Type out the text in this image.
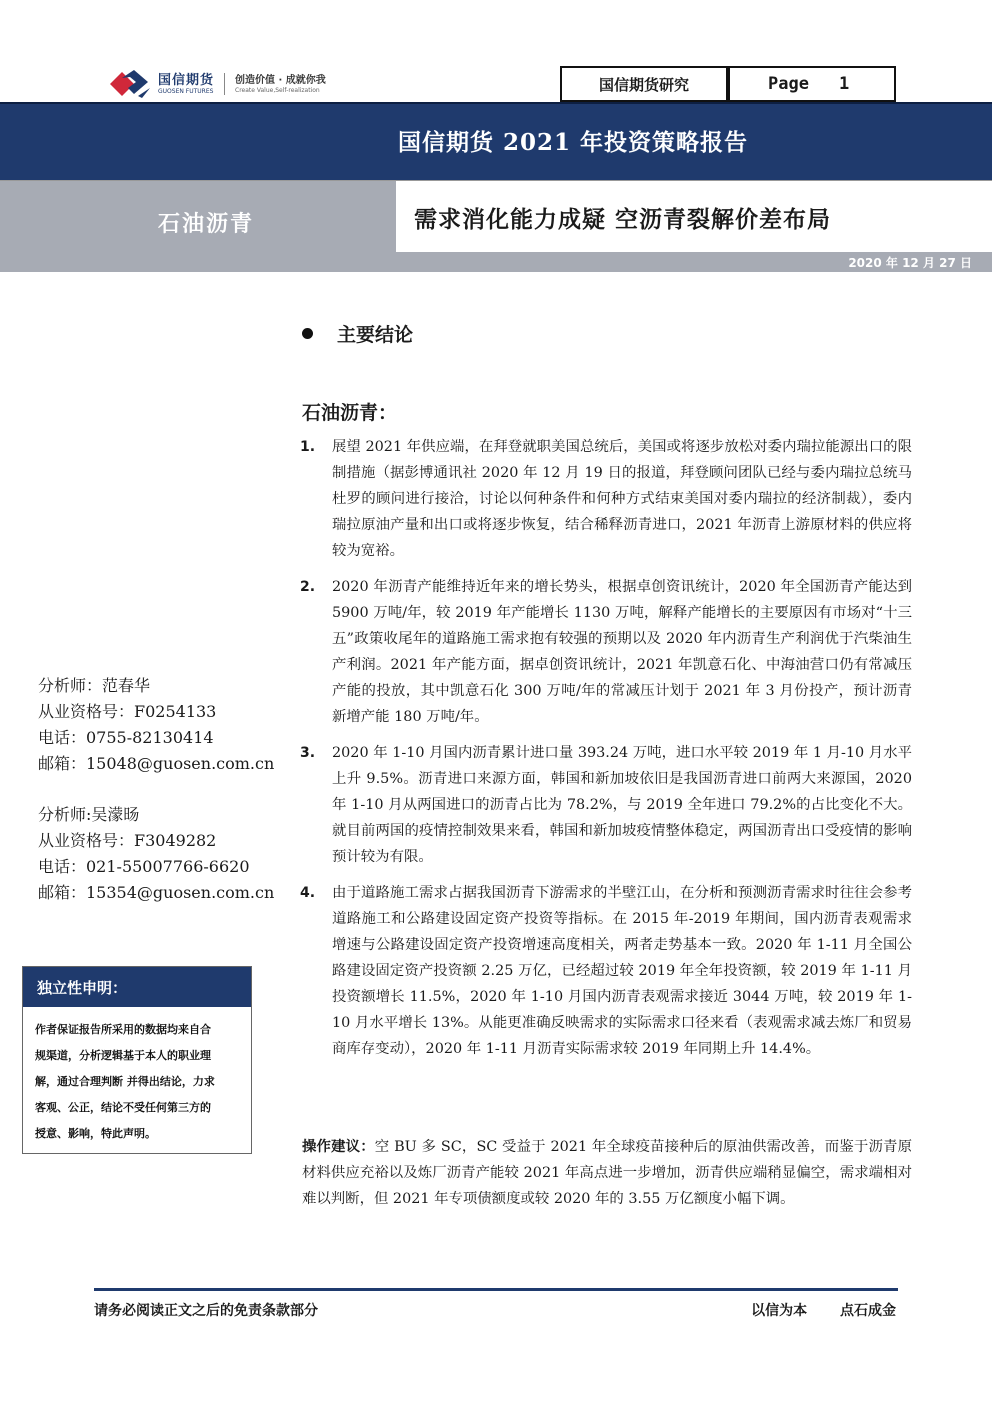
国信期货
GUOSEN FUTURES
创造价值 · 成就你我
Create Value,Self-realization	国信期货研究	Page 1
国信期货 2021 年投资策略报告
石油沥青	需求消化能力成疑 空沥青裂解价差布局
2020 年 12 月 27 日
分析师：范春华
从业资格号：F0254133
电话：0755-82130414
邮箱：15048@guosen.com.cn
分析师:吴濛旸
从业资格号：F3049282
电话：021-55007766-6620
邮箱：15354@guosen.com.cn
独立性申明：
作者保证报告所采用的数据均来自合
规渠道，分析逻辑基于本人的职业理
解，通过合理判断 并得出结论，力求
客观、公正，结论不受任何第三方的
授意、影响，特此声明。
主要结论
石油沥青：
1.	展望 2021 年供应端，在拜登就职美国总统后，美国或将逐步放松对委内瑞拉能源出口的限制措施（据彭博通讯社 2020 年 12 月 19 日的报道，拜登顾问团队已经与委内瑞拉总统马杜罗的顾问进行接洽，讨论以何种条件和何种方式结束美国对委内瑞拉的经济制裁），委内瑞拉原油产量和出口或将逐步恢复，结合稀释沥青进口，2021 年沥青上游原材料的供应将较为宽裕。
2.	2020 年沥青产能维持近年来的增长势头，根据卓创资讯统计，2020 年全国沥青产能达到 5900 万吨/年，较 2019 年产能增长 1130 万吨，解释产能增长的主要原因有市场对“十三五”政策收尾年的道路施工需求抱有较强的预期以及 2020 年内沥青生产利润优于汽柴油生产利润。2021 年产能方面，据卓创资讯统计，2021 年凯意石化、中海油营口仍有常减压产能的投放，其中凯意石化 300 万吨/年的常减压计划于 2021 年 3 月份投产，预计沥青新增产能 180 万吨/年。
3.	2020 年 1-10 月国内沥青累计进口量 393.24 万吨，进口水平较 2019 年 1 月-10 月水平上升 9.5%。沥青进口来源方面，韩国和新加坡依旧是我国沥青进口前两大来源国，2020 年 1-10 月从两国进口的沥青占比为 78.2%，与 2019 全年进口 79.2%的占比变化不大。就目前两国的疫情控制效果来看，韩国和新加坡疫情整体稳定，两国沥青出口受疫情的影响预计较为有限。
4.	由于道路施工需求占据我国沥青下游需求的半壁江山，在分析和预测沥青需求时往往会参考道路施工和公路建设固定资产投资等指标。在 2015 年-2019 年期间，国内沥青表观需求增速与公路建设固定资产投资增速高度相关，两者走势基本一致。2020 年 1-11 月全国公路建设固定资产投资额 2.25 万亿，已经超过较 2019 年全年投资额，较 2019 年 1-11 月投资额增长 11.5%，2020 年 1-10 月国内沥青表观需求接近 3044 万吨，较 2019 年 1-10 月水平增长 13%。从能更准确反映需求的实际需求口径来看（表观需求减去炼厂和贸易商库存变动），2020 年 1-11 月沥青实际需求较 2019 年同期上升 14.4%。
操作建议：空 BU 多 SC，SC 受益于 2021 年全球疫苗接种后的原油供需改善，而鉴于沥青原材料供应充裕以及炼厂沥青产能较 2021 年高点进一步增加，沥青供应端稍显偏空，需求端相对难以判断，但 2021 年专项债额度或较 2020 年的 3.55 万亿额度小幅下调。
请务必阅读正文之后的免责条款部分	以信为本 点石成金
